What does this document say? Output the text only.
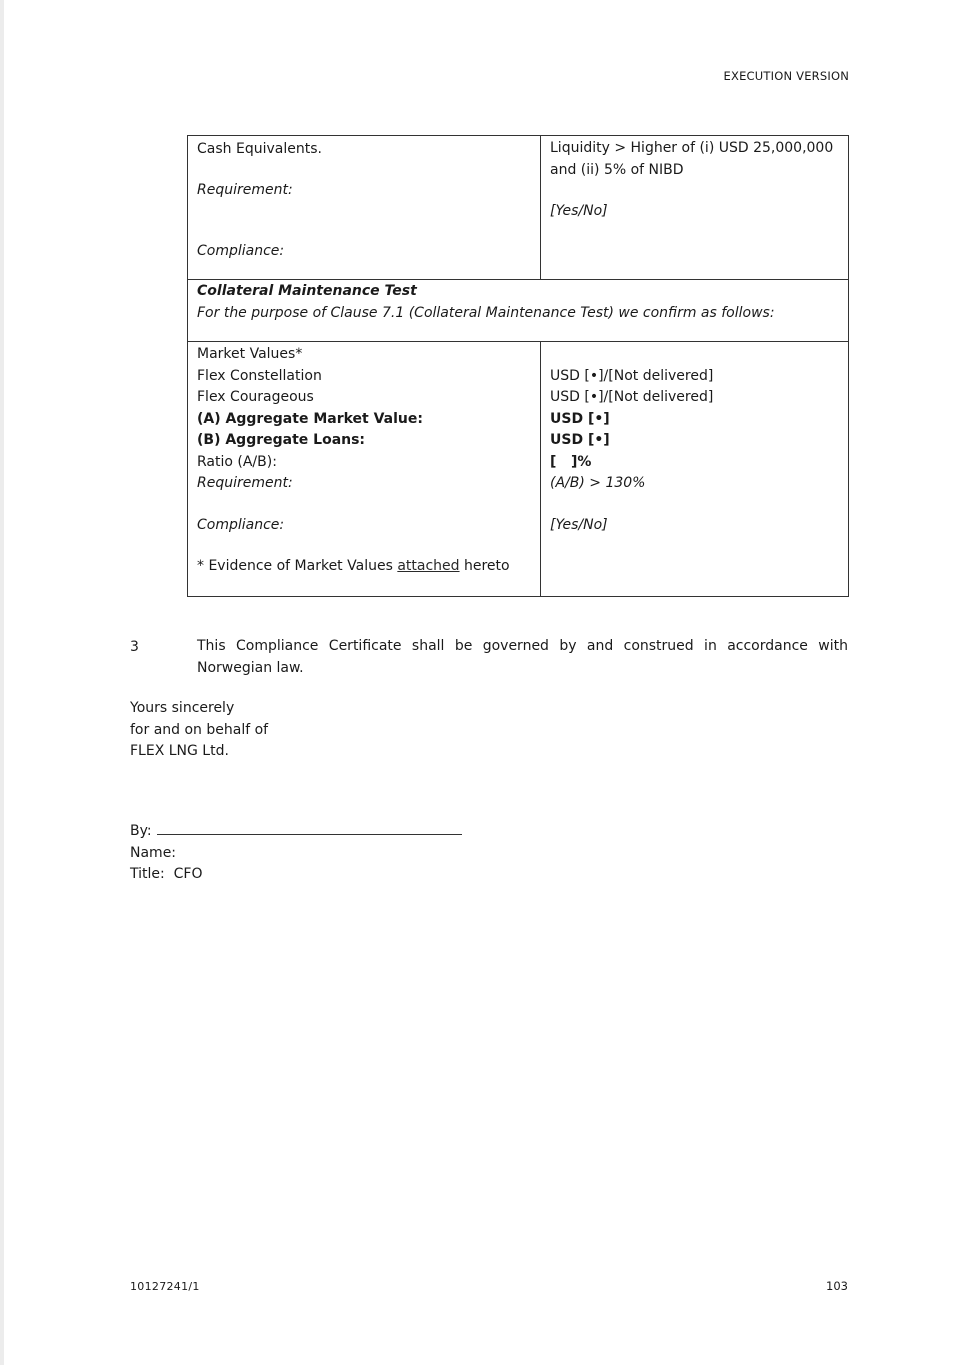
EXECUTION VERSION
Cash Equivalents.
Requirement:
Compliance:
Liquidity > Higher of (i) USD 25,000,000 and (ii) 5% of NIBD
[Yes/No]
Collateral Maintenance Test
For the purpose of Clause 7.1 (Collateral Maintenance Test) we confirm as follows:
Market Values*
Flex Constellation
Flex Courageous
(A) Aggregate Market Value:
(B) Aggregate Loans:
Ratio (A/B):
Requirement:
Compliance:
* Evidence of Market Values attached hereto
USD [•]/[Not delivered]
USD [•]/[Not delivered]
USD [•]
USD [•]
[   ]%
(A/B) > 130%
[Yes/No]
3	This Compliance Certificate shall be governed by and construed in accordance with Norwegian law.
Yours sincerely
for and on behalf of
FLEX LNG Ltd.
By:
Name:
Title: CFO
10127241/1	103
